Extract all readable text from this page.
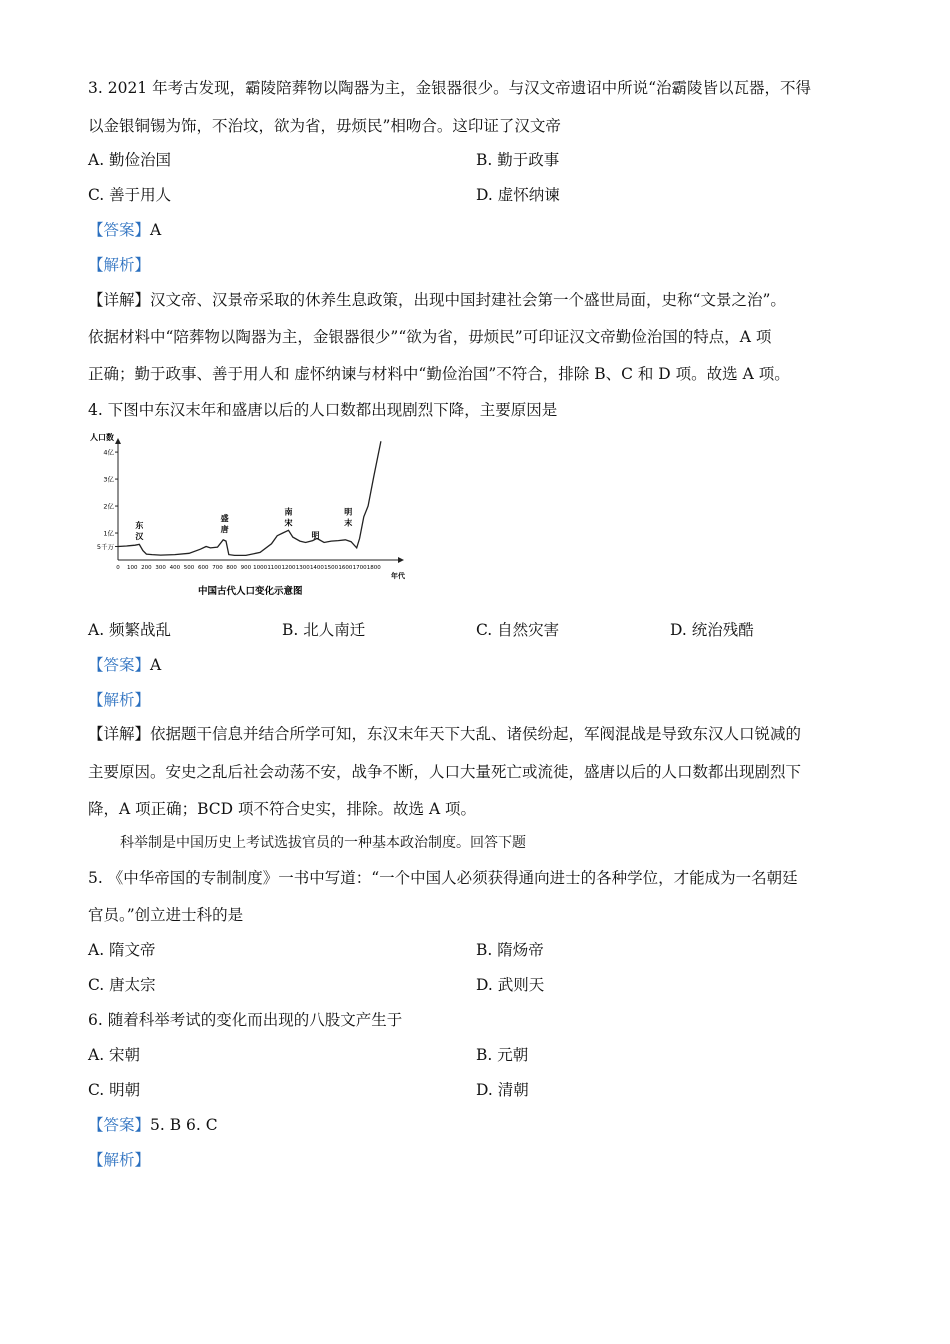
3. 2021 年考古发现，霸陵陪葬物以陶器为主，金银器很少。与汉文帝遗诏中所说“治霸陵皆以瓦器，不得
以金银铜锡为饰，不治坟，欲为省，毋烦民”相吻合。这印证了汉文帝
A. 勤俭治国	B. 勤于政事
C. 善于用人	D. 虚怀纳谏
【答案】A
【解析】
【详解】汉文帝、汉景帝采取的休养生息政策，出现中国封建社会第一个盛世局面，史称“文景之治”。
依据材料中“陪葬物以陶器为主，金银器很少”“欲为省，毋烦民”可印证汉文帝勤俭治国的特点，A 项
正确；勤于政事、善于用人和 虚怀纳谏与材料中“勤俭治国”不符合，排除 B、C 和 D 项。故选 A 项。
4. 下图中东汉末年和盛唐以后的人口数都出现剧烈下降，主要原因是
人口数
年代
4亿
3亿
2亿
1亿
5千万
0 100 200 300 400 500 600 700 800 900 1000 1100 1200 1300 1400 1500 1600 1700 1800
东
汉
盛
唐
南
宋
明
明
末
中国古代人口变化示意图
A. 频繁战乱	B. 北人南迁	C. 自然灾害	D. 统治残酷
【答案】A
【解析】
【详解】依据题干信息并结合所学可知，东汉末年天下大乱、诸侯纷起，军阀混战是导致东汉人口锐减的
主要原因。安史之乱后社会动荡不安，战争不断，人口大量死亡或流徙，盛唐以后的人口数都出现剧烈下
降，A 项正确；BCD 项不符合史实，排除。故选 A 项。
科举制是中国历史上考试选拔官员的一种基本政治制度。回答下题
5. 《中华帝国的专制制度》一书中写道：“一个中国人必须获得通向进士的各种学位，才能成为一名朝廷
官员。”创立进士科的是
A. 隋文帝	B. 隋炀帝
C. 唐太宗	D. 武则天
6. 随着科举考试的变化而出现的八股文产生于
A. 宋朝	B. 元朝
C. 明朝	D. 清朝
【答案】5. B 6. C
【解析】
